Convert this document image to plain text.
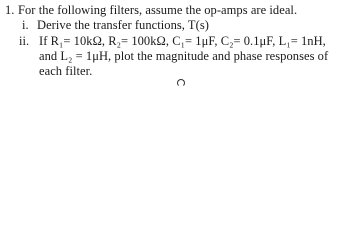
1. For the following filters, assume the op-amps are ideal.
i. Derive the transfer functions, T(s)
ii. If R₁= 10kΩ, R₂= 100kΩ, C₁= 1μF, C₂= 0.1μF, L₁= 1nH,
and L₂ = 1μH, plot the magnitude and phase responses of
each filter.
